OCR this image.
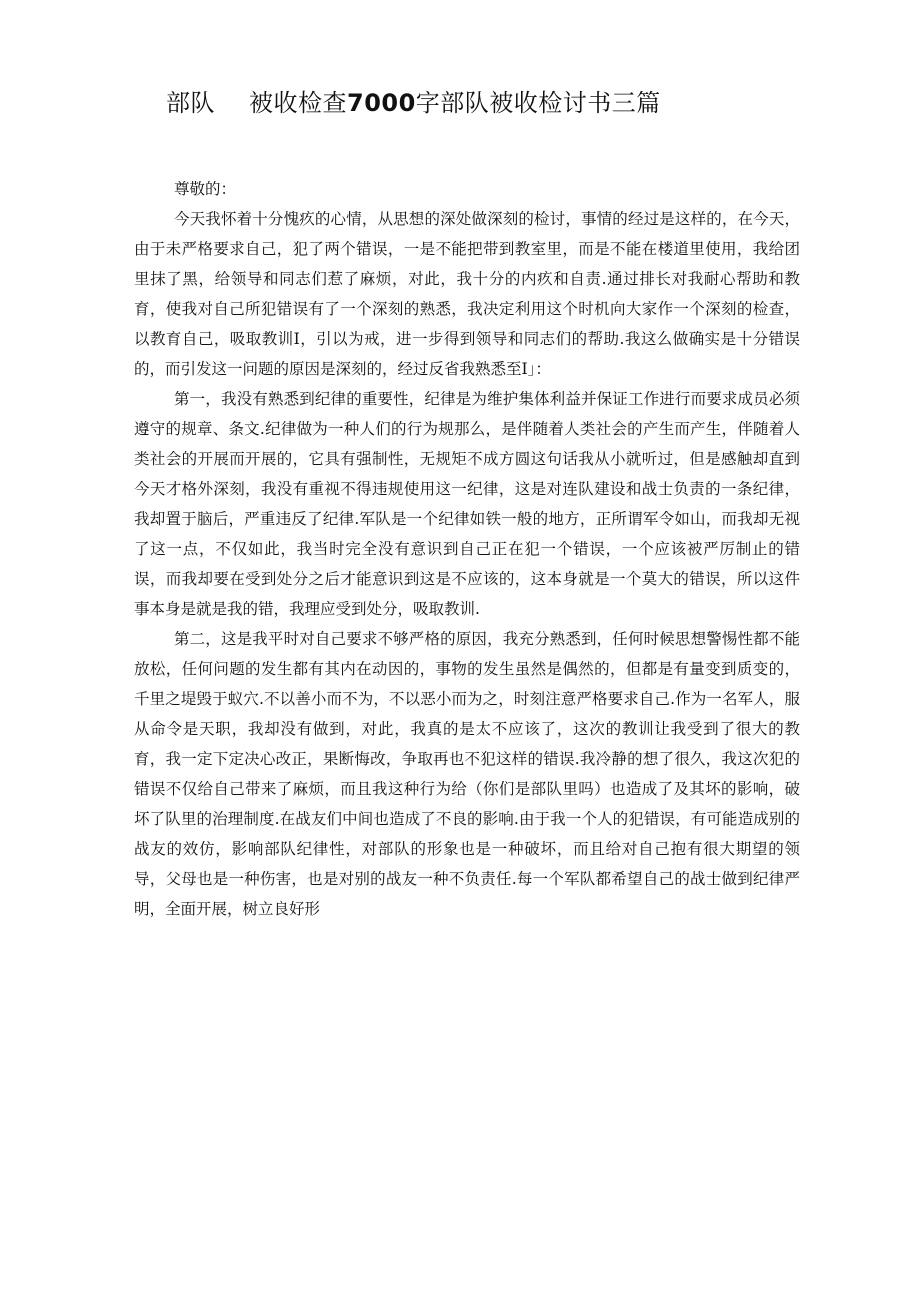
部队 被收检查7000字部队被收检讨书三篇

尊敬的：

今天我怀着十分愧疚的心情，从思想的深处做深刻的检讨，事情的经过是这样的，在今天，由于未严格要求自己，犯了两个错误，一是不能把带到教室里，而是不能在楼道里使用，我给团里抹了黑，给领导和同志们惹了麻烦，对此，我十分的内疚和自责.通过排长对我耐心帮助和教育，使我对自己所犯错误有了一个深刻的熟悉，我决定利用这个时机向大家作一个深刻的检查，以教育自己，吸取教训I，引以为戒，进一步得到领导和同志们的帮助.我这么做确实是十分错误的，而引发这一问题的原因是深刻的，经过反省我熟悉至I」：

第一，我没有熟悉到纪律的重要性，纪律是为维护集体利益并保证工作进行而要求成员必须遵守的规章、条文.纪律做为一种人们的行为规那么，是伴随着人类社会的产生而产生，伴随着人类社会的开展而开展的，它具有强制性，无规矩不成方圆这句话我从小就听过，但是感触却直到今天才格外深刻，我没有重视不得违规使用这一纪律，这是对连队建设和战士负责的一条纪律，我却置于脑后，严重违反了纪律.军队是一个纪律如铁一般的地方，正所谓军令如山，而我却无视了这一点，不仅如此，我当时完全没有意识到自己正在犯一个错误，一个应该被严厉制止的错误，而我却要在受到处分之后才能意识到这是不应该的，这本身就是一个莫大的错误，所以这件事本身是就是我的错，我理应受到处分，吸取教训.

第二，这是我平时对自己要求不够严格的原因，我充分熟悉到，任何时候思想警惕性都不能放松，任何问题的发生都有其内在动因的，事物的发生虽然是偶然的，但都是有量变到质变的，千里之堤毁于蚁穴.不以善小而不为，不以恶小而为之，时刻注意严格要求自己.作为一名军人，服从命令是天职，我却没有做到，对此，我真的是太不应该了，这次的教训让我受到了很大的教育，我一定下定决心改正，果断悔改，争取再也不犯这样的错误.我冷静的想了很久，我这次犯的错误不仅给自己带来了麻烦，而且我这种行为给（你们是部队里吗）也造成了及其坏的影响，破坏了队里的治理制度.在战友们中间也造成了不良的影响.由于我一个人的犯错误，有可能造成别的战友的效仿，影响部队纪律性，对部队的形象也是一种破坏，而且给对自己抱有很大期望的领导，父母也是一种伤害，也是对别的战友一种不负责任.每一个军队都希望自己的战士做到纪律严明，全面开展，树立良好形
